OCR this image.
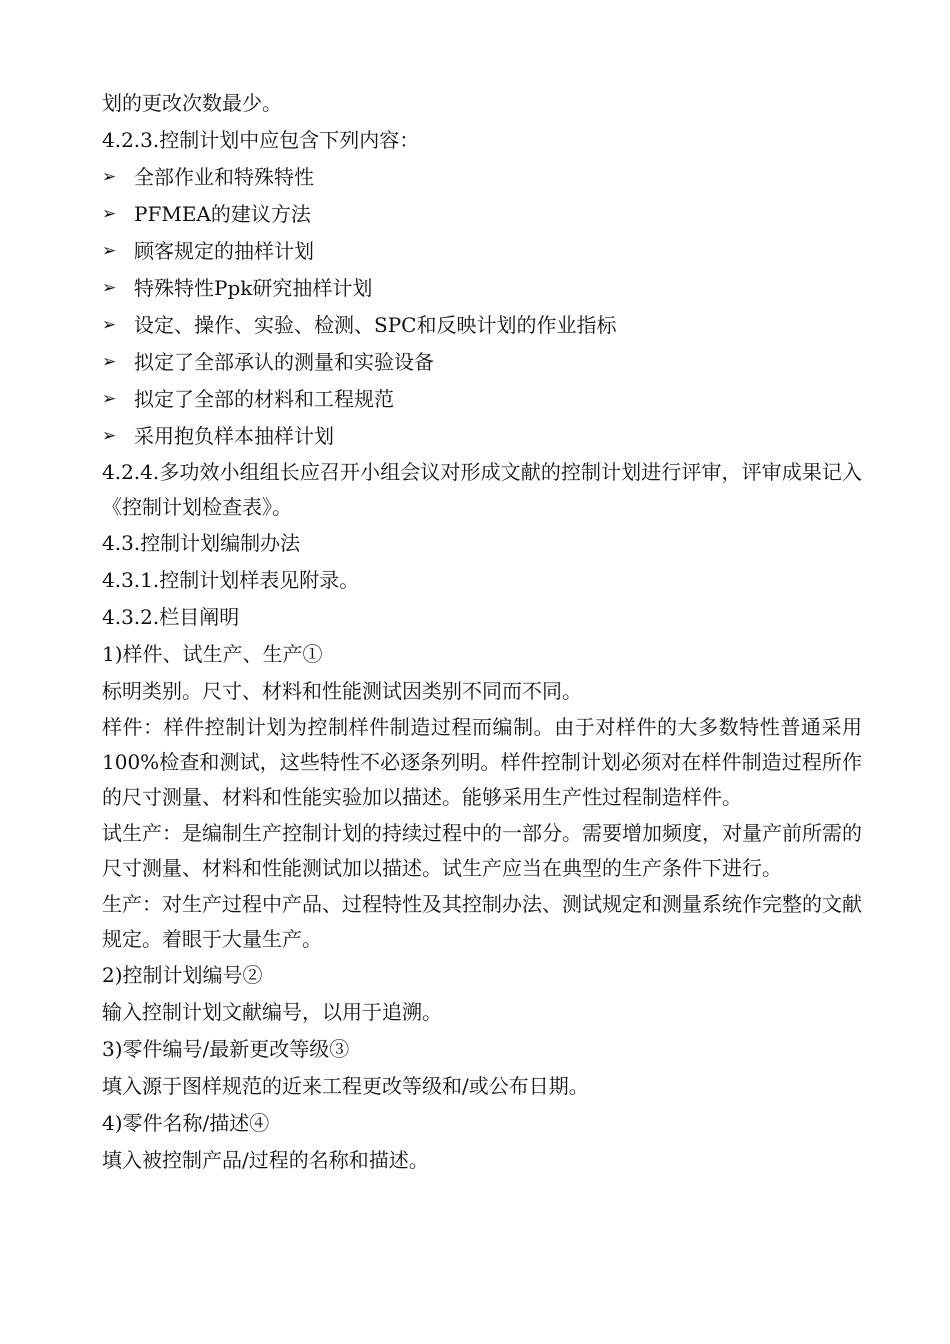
划的更改次数最少。
4.2.3.控制计划中应包含下列内容：
➢ 全部作业和特殊特性
➢ PFMEA的建议方法
➢ 顾客规定的抽样计划
➢ 特殊特性Ppk研究抽样计划
➢ 设定、操作、实验、检测、SPC和反映计划的作业指标
➢ 拟定了全部承认的测量和实验设备
➢ 拟定了全部的材料和工程规范
➢ 采用抱负样本抽样计划
4.2.4.多功效小组组长应召开小组会议对形成文献的控制计划进行评审，评审成果记入《控制计划检查表》。
4.3.控制计划编制办法
4.3.1.控制计划样表见附录。
4.3.2.栏目阐明
1)样件、试生产、生产①
标明类别。尺寸、材料和性能测试因类别不同而不同。
样件：样件控制计划为控制样件制造过程而编制。由于对样件的大多数特性普通采用100%检查和测试，这些特性不必逐条列明。样件控制计划必须对在样件制造过程所作的尺寸测量、材料和性能实验加以描述。能够采用生产性过程制造样件。
试生产：是编制生产控制计划的持续过程中的一部分。需要增加频度，对量产前所需的尺寸测量、材料和性能测试加以描述。试生产应当在典型的生产条件下进行。
生产：对生产过程中产品、过程特性及其控制办法、测试规定和测量系统作完整的文献规定。着眼于大量生产。
2)控制计划编号②
输入控制计划文献编号，以用于追溯。
3)零件编号/最新更改等级③
填入源于图样规范的近来工程更改等级和/或公布日期。
4)零件名称/描述④
填入被控制产品/过程的名称和描述。
